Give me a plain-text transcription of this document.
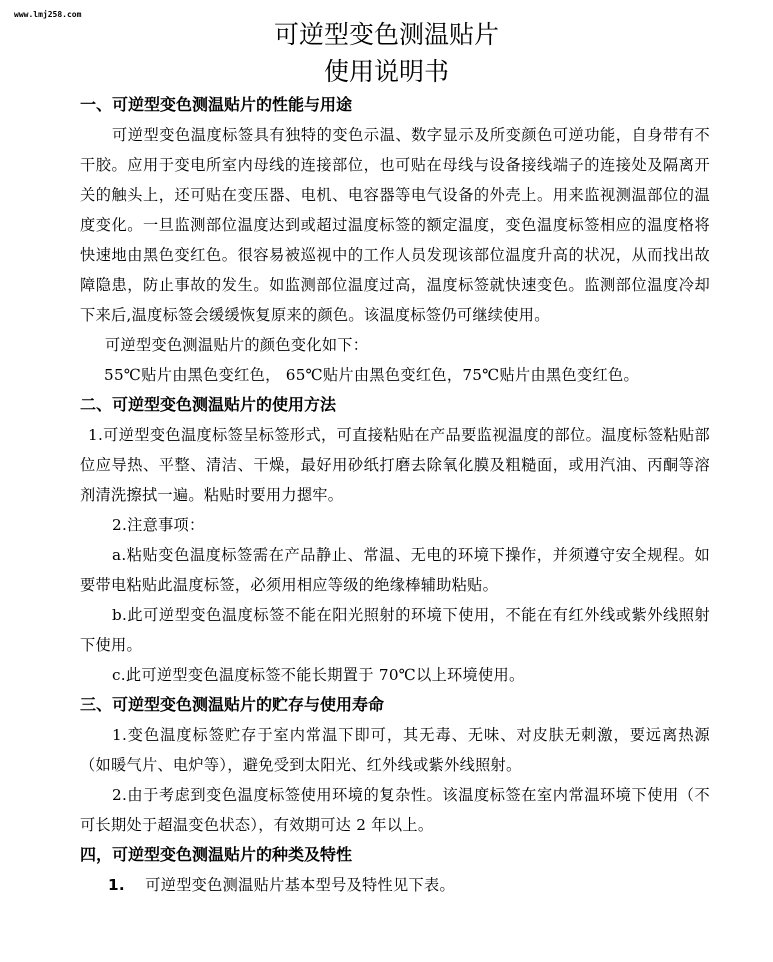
www.lmj258.com
可逆型变色测温贴片
使用说明书
一、可逆型变色测温贴片的性能与用途

可逆型变色温度标签具有独特的变色示温、数字显示及所变颜色可逆功能，自身带有不干胶。应用于变电所室内母线的连接部位，也可贴在母线与设备接线端子的连接处及隔离开关的触头上，还可贴在变压器、电机、电容器等电气设备的外壳上。用来监视测温部位的温度变化。一旦监测部位温度达到或超过温度标签的额定温度，变色温度标签相应的温度格将快速地由黑色变红色。很容易被巡视中的工作人员发现该部位温度升高的状况，从而找出故障隐患，防止事故的发生。如监测部位温度过高，温度标签就快速变色。监测部位温度冷却下来后,温度标签会缓缓恢复原来的颜色。该温度标签仍可继续使用。

可逆型变色测温贴片的颜色变化如下：

55℃贴片由黑色变红色， 65℃贴片由黑色变红色，75℃贴片由黑色变红色。

二、可逆型变色测温贴片的使用方法

1.可逆型变色温度标签呈标签形式，可直接粘贴在产品要监视温度的部位。温度标签粘贴部位应导热、平整、清洁、干燥，最好用砂纸打磨去除氧化膜及粗糙面，或用汽油、丙酮等溶剂清洗擦拭一遍。粘贴时要用力摁牢。

2.注意事项：

a.粘贴变色温度标签需在产品静止、常温、无电的环境下操作，并须遵守安全规程。如要带电粘贴此温度标签，必须用相应等级的绝缘棒辅助粘贴。

b.此可逆型变色温度标签不能在阳光照射的环境下使用，不能在有红外线或紫外线照射下使用。

c.此可逆型变色温度标签不能长期置于 70℃以上环境使用。

三、可逆型变色测温贴片的贮存与使用寿命

1.变色温度标签贮存于室内常温下即可，其无毒、无味、对皮肤无刺激，要远离热源（如暖气片、电炉等），避免受到太阳光、红外线或紫外线照射。

2.由于考虑到变色温度标签使用环境的复杂性。该温度标签在室内常温环境下使用（不可长期处于超温变色状态），有效期可达 2 年以上。

四，可逆型变色测温贴片的种类及特性

1. 可逆型变色测温贴片基本型号及特性见下表。
